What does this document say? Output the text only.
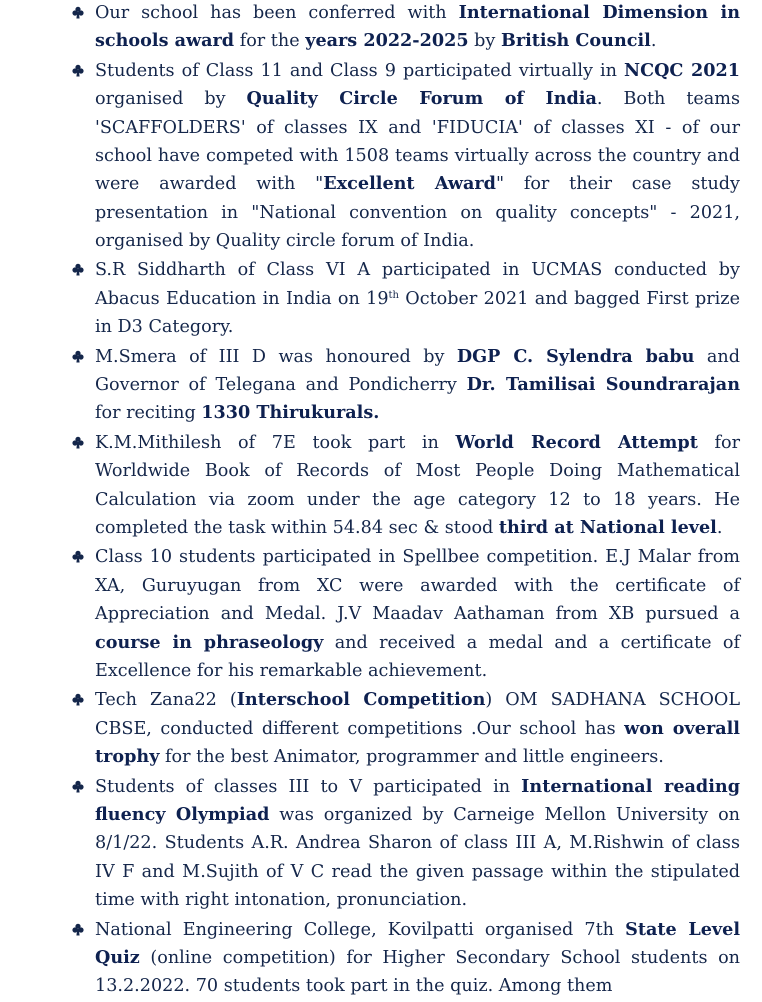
Our school has been conferred with International Dimension in schools award for the years 2022-2025 by British Council.
Students of Class 11 and Class 9 participated virtually in NCQC 2021 organised by Quality Circle Forum of India. Both teams 'SCAFFOLDERS' of classes IX and 'FIDUCIA' of classes XI - of our school have competed with 1508 teams virtually across the country and were awarded with "Excellent Award" for their case study presentation in "National convention on quality concepts" - 2021, organised by Quality circle forum of India.
S.R Siddharth of Class VI A participated in UCMAS conducted by Abacus Education in India on 19th October 2021 and bagged First prize in D3 Category.
M.Smera of III D was honoured by DGP C. Sylendra babu and Governor of Telegana and Pondicherry Dr. Tamilisai Soundrarajan for reciting 1330 Thirukurals.
K.M.Mithilesh of 7E took part in World Record Attempt for Worldwide Book of Records of Most People Doing Mathematical Calculation via zoom under the age category 12 to 18 years. He completed the task within 54.84 sec & stood third at National level.
Class 10 students participated in Spellbee competition. E.J Malar from XA, Guruyugan from XC were awarded with the certificate of Appreciation and Medal. J.V Maadav Aathaman from XB pursued a course in phraseology and received a medal and a certificate of Excellence for his remarkable achievement.
Tech Zana22 (Interschool Competition) OM SADHANA SCHOOL CBSE, conducted different competitions .Our school has won overall trophy for the best Animator, programmer and little engineers.
Students of classes III to V participated in International reading fluency Olympiad was organized by Carneige Mellon University on 8/1/22. Students A.R. Andrea Sharon of class III A, M.Rishwin of class IV F and M.Sujith of V C read the given passage within the stipulated time with right intonation, pronunciation.
National Engineering College, Kovilpatti organised 7th State Level Quiz (online competition) for Higher Secondary School students on 13.2.2022. 70 students took part in the quiz. Among them
